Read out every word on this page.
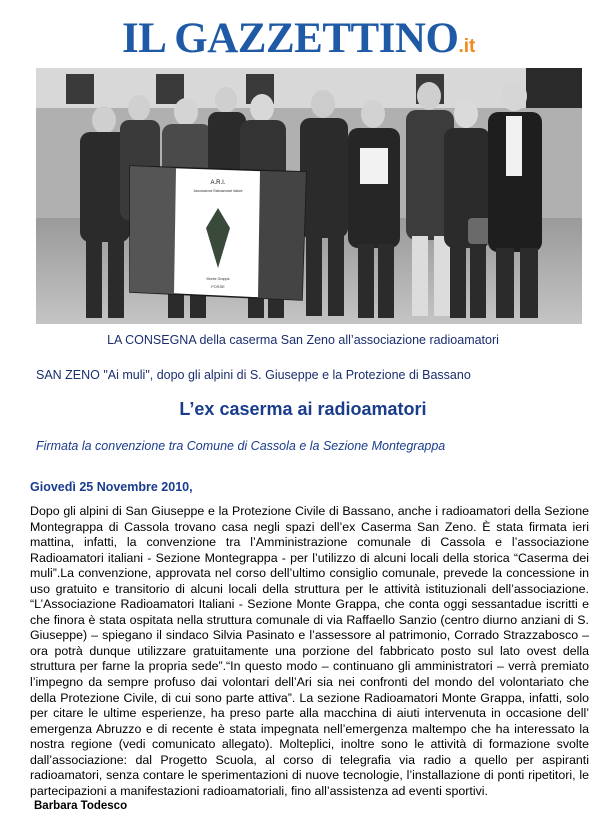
IL GAZZETTINO.it
A.R.I.
Associazione Radioamatori Italiani
Monte Grappa
FOSSE
LA CONSEGNA della caserma San Zeno all’associazione radioamatori
SAN ZENO "Ai muli", dopo gli alpini di S. Giuseppe e la Protezione di Bassano
L’ex caserma ai radioamatori
Firmata la convenzione tra Comune di Cassola e la Sezione Montegrappa
Giovedì 25 Novembre 2010,
Dopo gli alpini di San Giuseppe e la Protezione Civile di Bassano, anche i radioamatori della Sezione Montegrappa di Cassola trovano casa negli spazi dell’ex Caserma San Zeno. È stata firmata ieri mattina, infatti, la convenzione tra l’Amministrazione comunale di Cassola e l’associazione Radioamatori italiani - Sezione Montegrappa - per l’utilizzo di alcuni locali della storica “Caserma dei muli”.La convenzione, approvata nel corso dell’ultimo consiglio comunale, prevede la concessione in uso gratuito e transitorio di alcuni locali della struttura per le attività istituzionali dell’associazione. “L’Associazione Radioamatori Italiani - Sezione Monte Grappa, che conta oggi sessantadue iscritti e che finora è stata ospitata nella struttura comunale di via Raffaello Sanzio (centro diurno anziani di S. Giuseppe) – spiegano il sindaco Silvia Pasinato e l’assessore al patrimonio, Corrado Strazzabosco – ora potrà dunque utilizzare gratuitamente una porzione del fabbricato posto sul lato ovest della struttura per farne la propria sede”.“In questo modo – continuano gli amministratori – verrà premiato l’impegno da sempre profuso dai volontari dell’Ari sia nei confronti del mondo del volontariato che della Protezione Civile, di cui sono parte attiva”. La sezione Radioamatori Monte Grappa, infatti, solo per citare le ultime esperienze, ha preso parte alla macchina di aiuti intervenuta in occasione dell’ emergenza Abruzzo e di recente è stata impegnata nell’emergenza maltempo che ha interessato la nostra regione (vedi comunicato allegato). Molteplici, inoltre sono le attività di formazione svolte dall’associazione: dal Progetto Scuola, al corso di telegrafia via radio a quello per aspiranti radioamatori, senza contare le sperimentazioni di nuove tecnologie, l’installazione di ponti ripetitori, le partecipazioni a manifestazioni radioamatoriali, fino all’assistenza ad eventi sportivi.
Barbara Todesco
